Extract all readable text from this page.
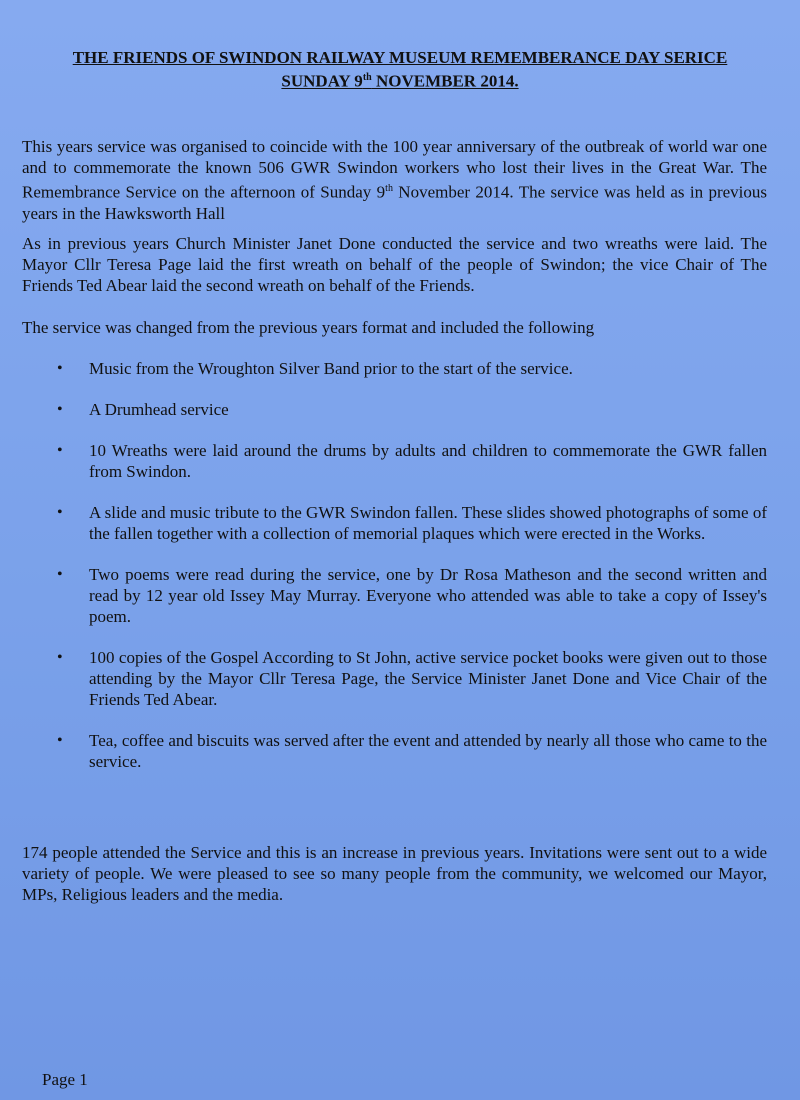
THE FRIENDS OF SWINDON RAILWAY MUSEUM REMEMBERANCE DAY SERICE
SUNDAY 9th NOVEMBER 2014.
This years service was organised to coincide with the 100 year anniversary of the outbreak of world war one and to commemorate the known 506 GWR Swindon workers who lost their lives in the Great War. The Remembrance Service on the afternoon of Sunday 9th November 2014. The service was held as in previous years in the Hawksworth Hall
As in previous years Church Minister Janet Done conducted the service and two wreaths were laid. The Mayor Cllr Teresa Page laid the first wreath on behalf of the people of Swindon; the vice Chair of The Friends Ted Abear laid the second wreath on behalf of the Friends.
The service was changed from the previous years format and included the following
• Music from the Wroughton Silver Band prior to the start of the service.
• A Drumhead service
• 10 Wreaths were laid around the drums by adults and children to commemorate the GWR fallen from Swindon.
• A slide and music tribute to the GWR Swindon fallen. These slides showed photographs of some of the fallen together with a collection of memorial plaques which were erected in the Works.
• Two poems were read during the service, one by Dr Rosa Matheson and the second written and read by 12 year old Issey May Murray. Everyone who attended was able to take a copy of Issey's poem.
• 100 copies of the Gospel According to St John, active service pocket books were given out to those attending by the Mayor Cllr Teresa Page, the Service Minister Janet Done and Vice Chair of the Friends Ted Abear.
• Tea, coffee and biscuits was served after the event and attended by nearly all those who came to the service.
174 people attended the Service and this is an increase in previous years. Invitations were sent out to a wide variety of people. We were pleased to see so many people from the community, we welcomed our Mayor, MPs, Religious leaders and the media.
Page 1
